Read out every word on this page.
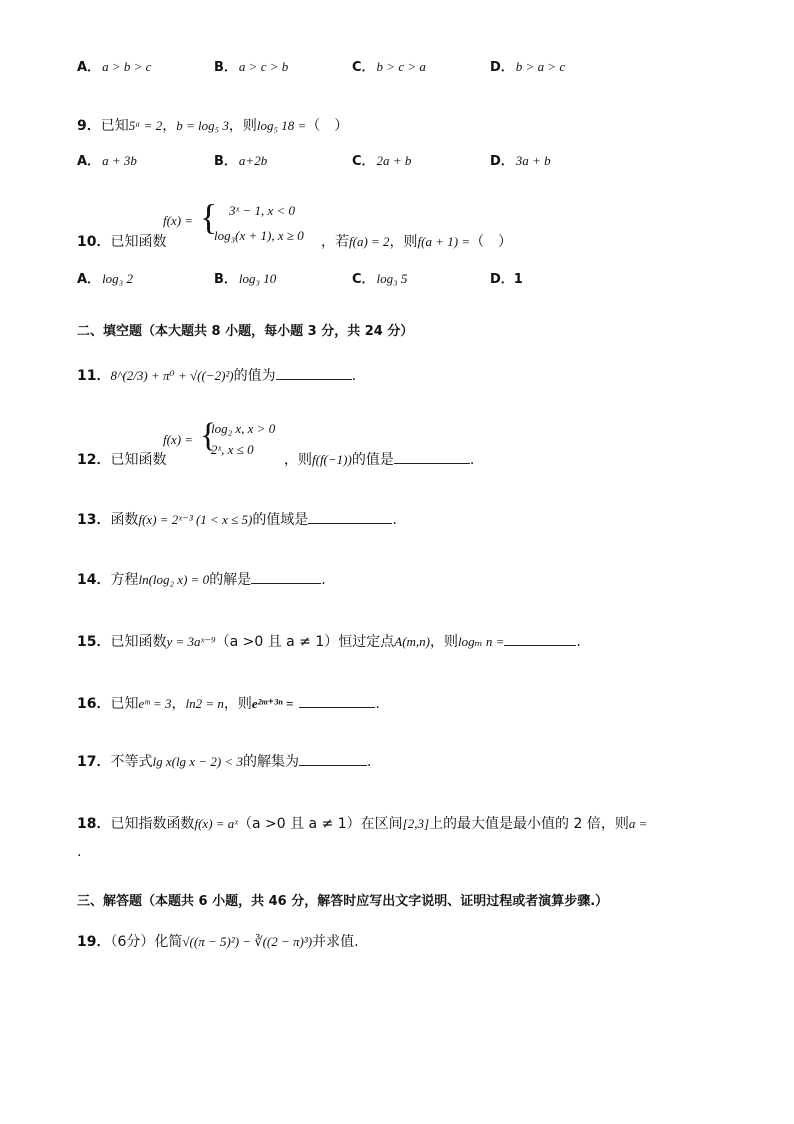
A． a > b > c	B． a > c > b	C． b > c > a	D． b > a > c
9．已知5ᵃ = 2，b = log₅ 3，则log₅ 18 =（　）
A． a + 3b	B． a+2b	C． 2a + b	D． 3a + b
f(x) = { 3ˣ − 1, x < 0
log₃(x + 1), x ≥ 0
10．已知函数	，若f(a) = 2，则f(a + 1) =（　）
A． log₃ 2	B． log₃ 10	C． log₃ 5	D．1
二、填空题（本大题共 8 小题，每小题 3 分，共 24 分）
11．8^(2/3) + π⁰ + √((−2)²)的值为	.
f(x) = {
log₂ x, x > 0
2ˣ, x ≤ 0
12．已知函数	，则f(f(−1))的值是	.
13．函数f(x) = 2ˣ⁻³ (1 < x ≤ 5)的值域是	.
14．方程ln(log₂ x) = 0的解是	.
15．已知函数y = 3aˣ⁻⁹（a >0 且 a ≠ 1）恒过定点A(m,n)，则logₘ n =	.
16．已知eᵐ = 3，ln2 = n，则e²ᵐ⁺³ⁿ =	.
17．不等式lg x(lg x − 2) < 3的解集为	.
18．已知指数函数f(x) = aˣ（a >0 且 a ≠ 1）在区间[2,3]上的最大值是最小值的 2 倍，则a =
.
三、解答题（本题共 6 小题，共 46 分，解答时应写出文字说明、证明过程或者演算步骤.）
19．（6分）化简√((π − 5)²) − ∛((2 − π)³)并求值.
